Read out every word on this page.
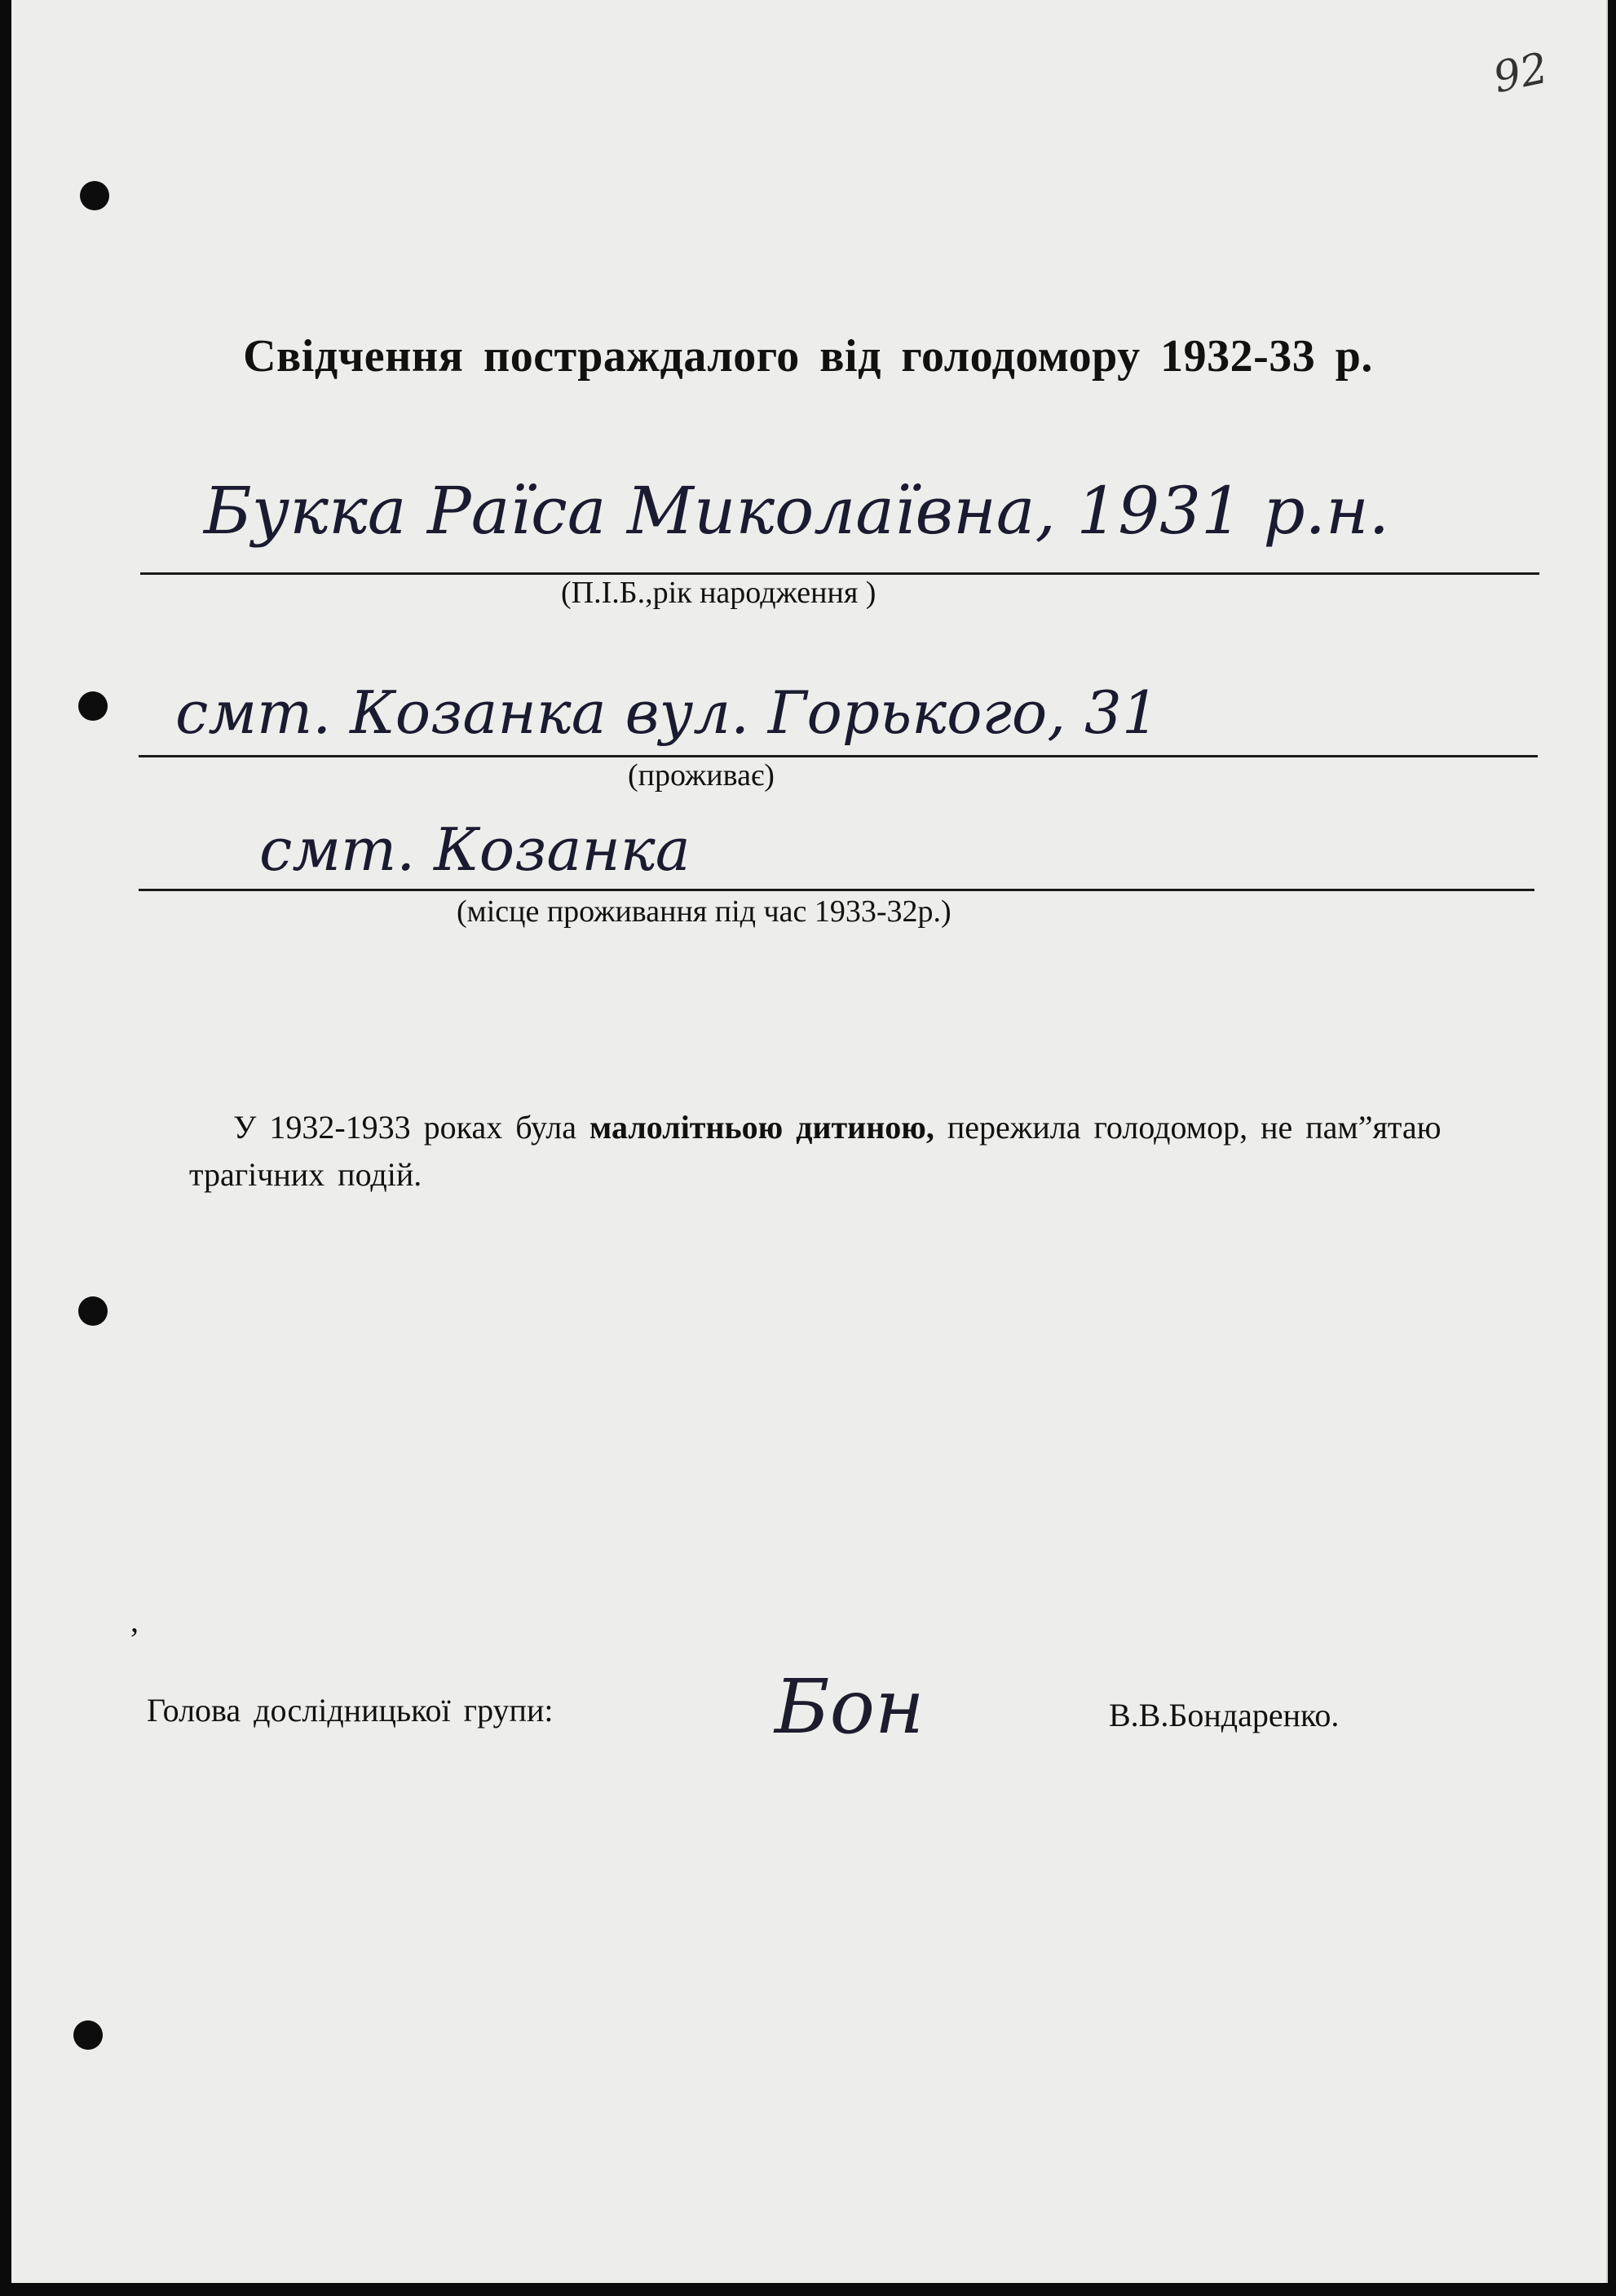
92
Свідчення постраждалого від голодомору 1932-33 р.
Букка Раїса Миколаївна, 1931 р.н.
(П.І.Б.,рік народження )
смт. Козанка вул. Горького, 31
(проживає)
смт. Козанка
(місце проживання під час 1933-32р.)
У 1932-1933 роках була малолітньою дитиною, пережила голодомор, не пам”ятаю трагічних подій.
,
Голова дослідницької групи:	Бон	В.В.Бондаренко.
